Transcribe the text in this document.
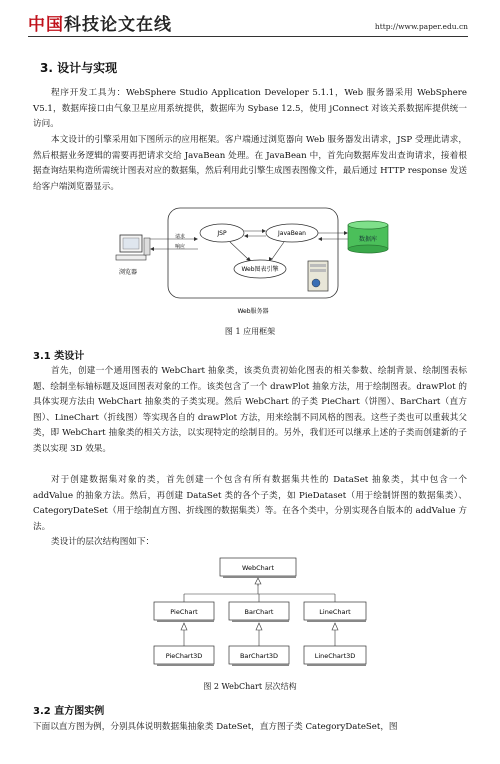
中国科技论文在线	http://www.paper.edu.cn
3. 设计与实现

程序开发工具为：WebSphere Studio Application Developer 5.1.1，Web 服务器采用 WebSphere V5.1，数据库接口由气象卫星应用系统提供，数据库为 Sybase 12.5，使用 jConnect 对该关系数据库提供统一访问。

本文设计的引擎采用如下图所示的应用框架。客户端通过浏览器向 Web 服务器发出请求，JSP 受理此请求，然后根据业务逻辑的需要再把请求交给 JavaBean 处理。在 JavaBean 中，首先向数据库发出查询请求，接着根据查询结果构造所需统计图表对应的数据集，然后利用此引擎生成图表图像文件，最后通过 HTTP response 发送给客户端浏览器显示。

浏览器
请求
响应
JSP	JavaBean
Web图表引擎
数据库
Web服务器
图 1 应用框架
3.1 类设计

首先，创建一个通用图表的 WebChart 抽象类，该类负责初始化图表的相关参数、绘制背景、绘制图表标题、绘制坐标轴标题及返回图表对象的工作。该类包含了一个 drawPlot 抽象方法，用于绘制图表。drawPlot 的具体实现方法由 WebChart 抽象类的子类实现。然后 WebChart 的子类 PieChart（饼图）、BarChart（直方图）、LineChart（折线图）等实现各自的 drawPlot 方法，用来绘制不同风格的图表。这些子类也可以重载其父类，即 WebChart 抽象类的相关方法，以实现特定的绘制目的。另外，我们还可以继承上述的子类而创建新的子类以实现 3D 效果。

对于创建数据集对象的类，首先创建一个包含有所有数据集共性的 DataSet 抽象类，其中包含一个 addValue 的抽象方法。然后，再创建 DataSet 类的各个子类，如 PieDataset（用于绘制饼图的数据集类）、CategoryDateSet（用于绘制直方图、折线图的数据集类）等。在各个类中，分别实现各自版本的 addValue 方法。

类设计的层次结构图如下：

WebChart
PieChart	BarChart	LineChart
PieChart3D	BarChart3D	LineChart3D
图 2 WebChart 层次结构
3.2 直方图实例

下面以直方图为例，分别具体说明数据集抽象类 DateSet，直方图子类 CategoryDateSet，图
